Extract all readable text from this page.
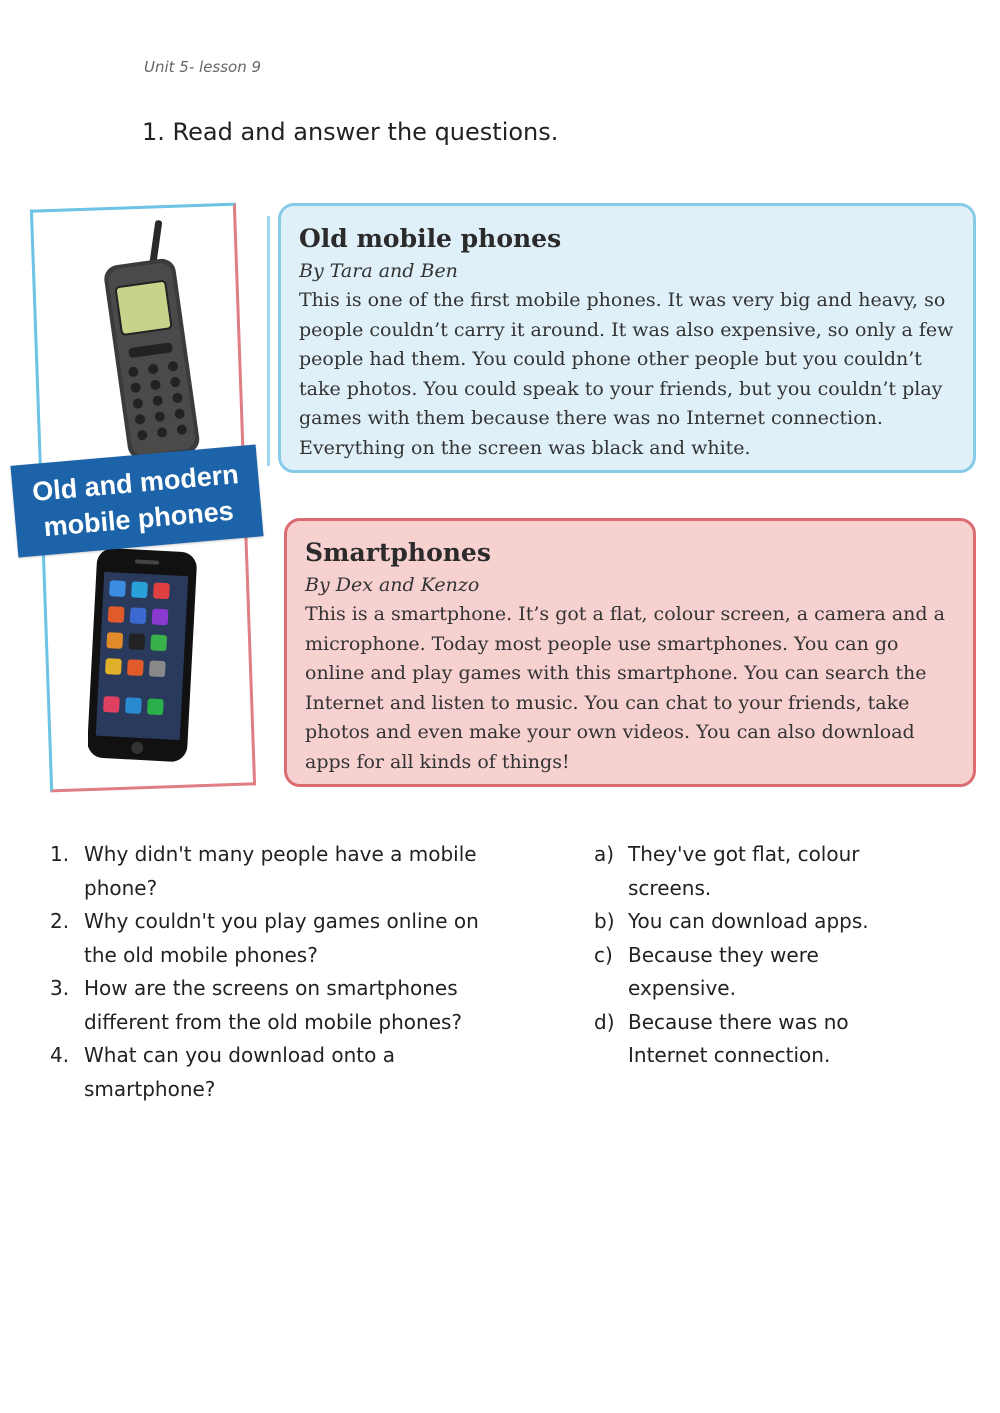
Unit 5- lesson 9
1. Read and answer the questions.
Old and modern
mobile phones
Old mobile phones
By Tara and Ben
This is one of the first mobile phones. It was very big and heavy, so people couldn’t carry it around. It was also expensive, so only a few people had them. You could phone other people but you couldn’t take photos. You could speak to your friends, but you couldn’t play games with them because there was no Internet connection. Everything on the screen was black and white.
Smartphones
By Dex and Kenzo
This is a smartphone. It’s got a flat, colour screen, a camera and a microphone. Today most people use smartphones. You can go online and play games with this smartphone. You can search the Internet and listen to music. You can chat to your friends, take photos and even make your own videos. You can also download apps for all kinds of things!
1. Why didn't many people have a mobile phone?
2. Why couldn't you play games online on the old mobile phones?
3. How are the screens on smartphones different from the old mobile phones?
4. What can you download onto a smartphone?
a) They've got flat, colour screens.
b) You can download apps.
c) Because they were expensive.
d) Because there was no Internet connection.
